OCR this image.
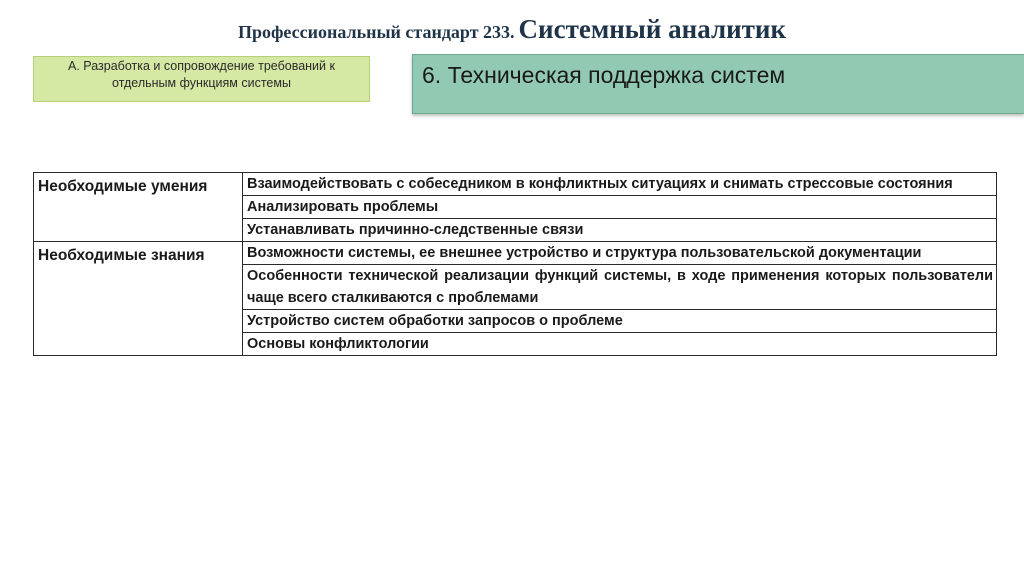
Профессиональный стандарт 233. Системный аналитик
А. Разработка и сопровождение требований к отдельным функциям системы	6. Техническая поддержка систем
Необходимые умения	Взаимодействовать с собеседником в конфликтных ситуациях и снимать стрессовые состояния
	Анализировать проблемы
	Устанавливать причинно-следственные связи
Необходимые знания	Возможности системы, ее внешнее устройство и структура пользовательской документации
	Особенности технической реализации функций системы, в ходе применения которых пользователи чаще всего сталкиваются с проблемами
	Устройство систем обработки запросов о проблеме
	Основы конфликтологии
